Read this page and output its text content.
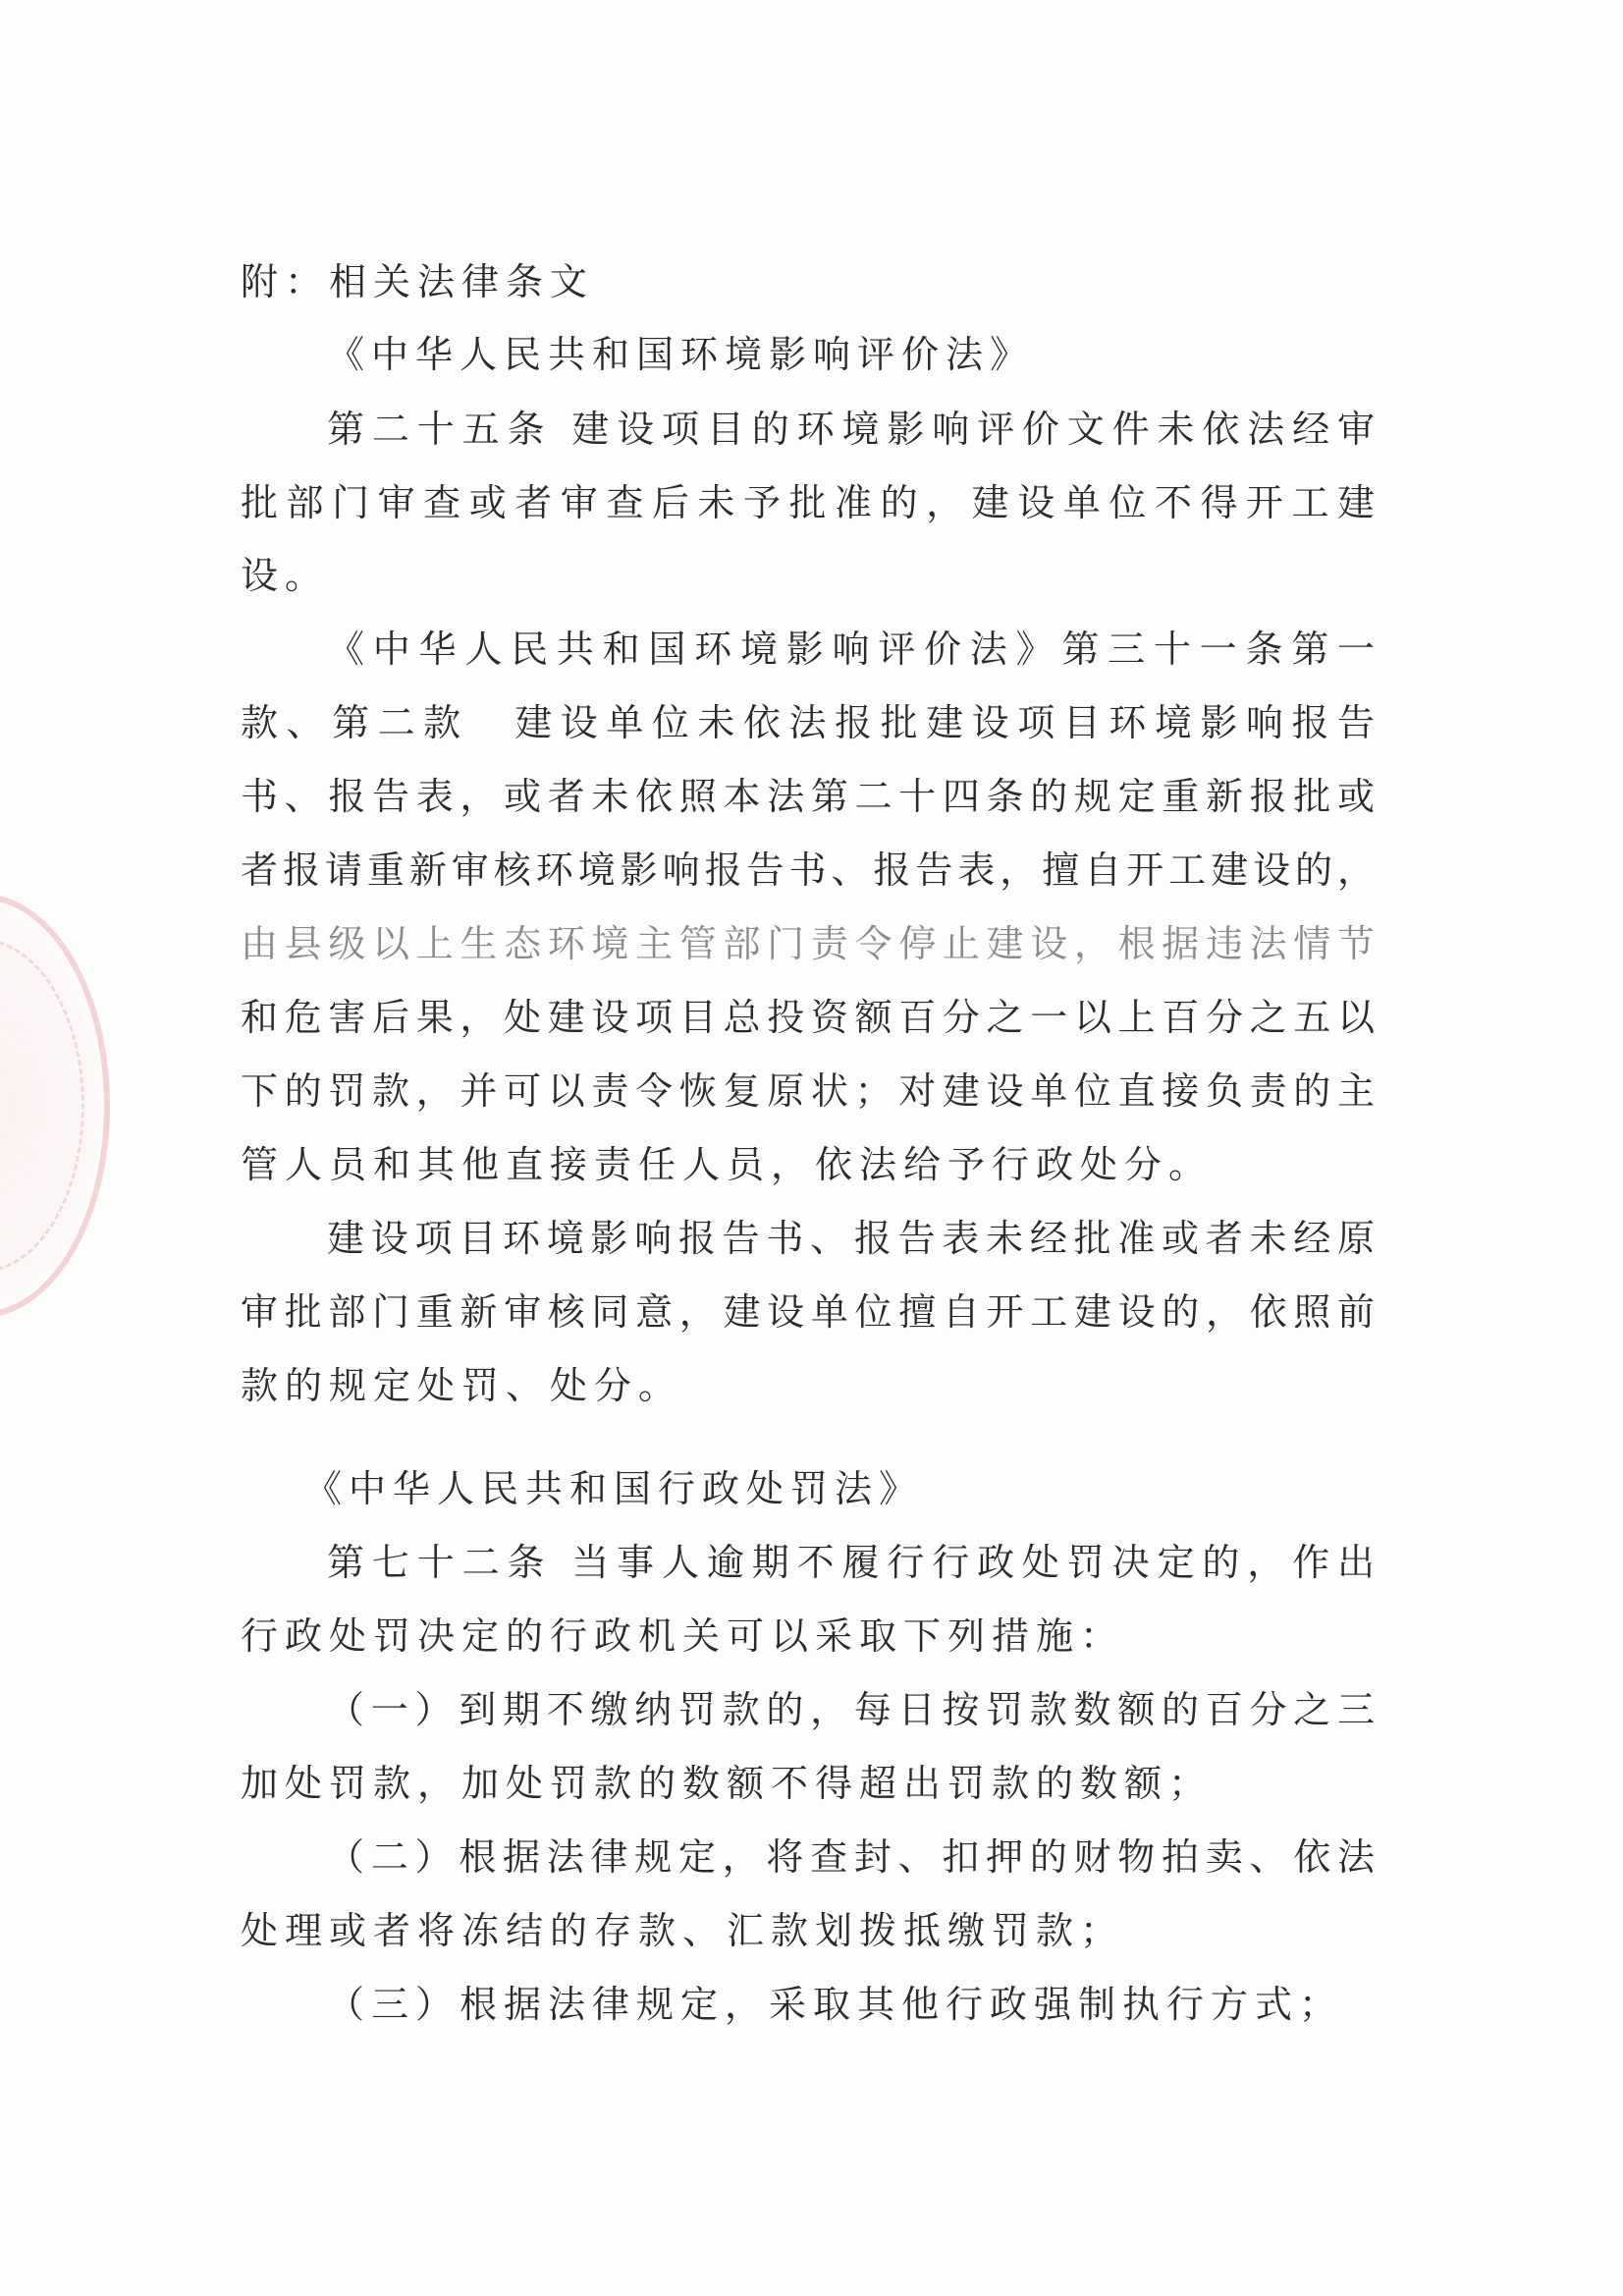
附：相关法律条文
《中华人民共和国环境影响评价法》
第二十五条 建设项目的环境影响评价文件未依法经审
批部门审查或者审查后未予批准的，建设单位不得开工建
设。
《中华人民共和国环境影响评价法》第三十一条第一
款、第二款　建设单位未依法报批建设项目环境影响报告
书、报告表，或者未依照本法第二十四条的规定重新报批或
者报请重新审核环境影响报告书、报告表，擅自开工建设的，
由县级以上生态环境主管部门责令停止建设，根据违法情节
和危害后果，处建设项目总投资额百分之一以上百分之五以
下的罚款，并可以责令恢复原状；对建设单位直接负责的主
管人员和其他直接责任人员，依法给予行政处分。
建设项目环境影响报告书、报告表未经批准或者未经原
审批部门重新审核同意，建设单位擅自开工建设的，依照前
款的规定处罚、处分。
《中华人民共和国行政处罚法》
第七十二条 当事人逾期不履行行政处罚决定的，作出
行政处罚决定的行政机关可以采取下列措施：
（一）到期不缴纳罚款的，每日按罚款数额的百分之三
加处罚款，加处罚款的数额不得超出罚款的数额；
（二）根据法律规定，将查封、扣押的财物拍卖、依法
处理或者将冻结的存款、汇款划拨抵缴罚款；
（三）根据法律规定，采取其他行政强制执行方式；
